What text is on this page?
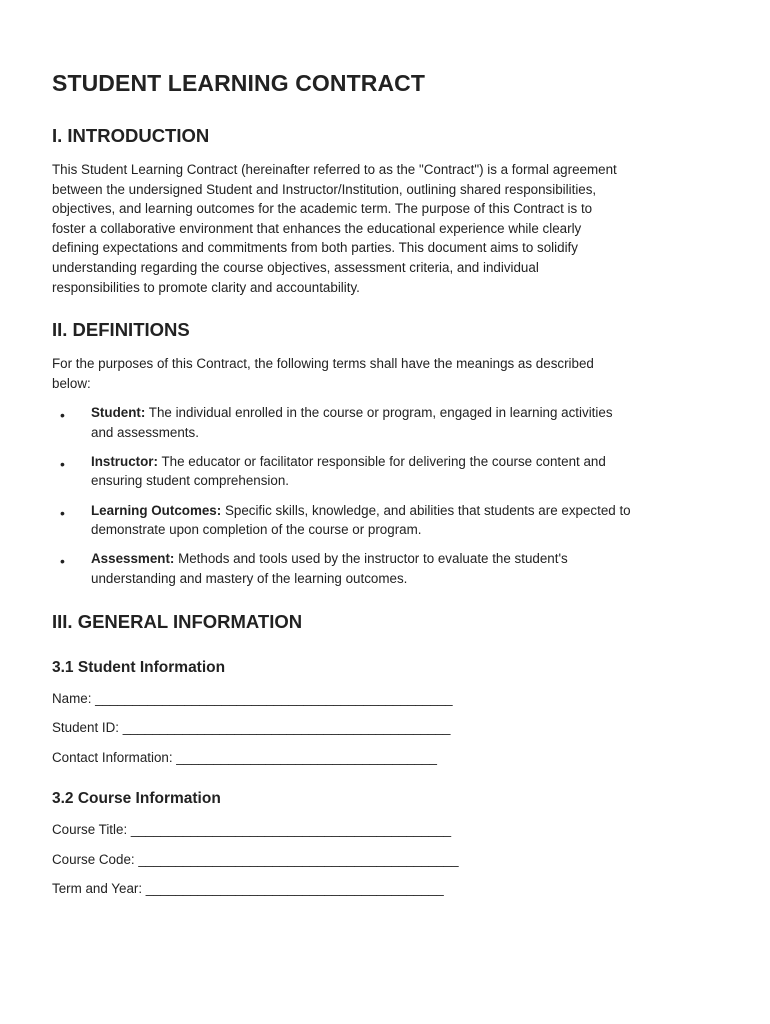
STUDENT LEARNING CONTRACT
I. INTRODUCTION

This Student Learning Contract (hereinafter referred to as the "Contract") is a formal agreement
between the undersigned Student and Instructor/Institution, outlining shared responsibilities,
objectives, and learning outcomes for the academic term. The purpose of this Contract is to
foster a collaborative environment that enhances the educational experience while clearly
defining expectations and commitments from both parties. This document aims to solidify
understanding regarding the course objectives, assessment criteria, and individual
responsibilities to promote clarity and accountability.

II. DEFINITIONS

For the purposes of this Contract, the following terms shall have the meanings as described
below:

• Student: The individual enrolled in the course or program, engaged in learning activities
and assessments.
• Instructor: The educator or facilitator responsible for delivering the course content and
ensuring student comprehension.
• Learning Outcomes: Specific skills, knowledge, and abilities that students are expected to
demonstrate upon completion of the course or program.
• Assessment: Methods and tools used by the instructor to evaluate the student's
understanding and mastery of the learning outcomes.
III. GENERAL INFORMATION
3.1 Student Information
Name: ________________________________________________
Student ID: ____________________________________________
Contact Information: ___________________________________
3.2 Course Information
Course Title: ___________________________________________
Course Code: ___________________________________________
Term and Year: ________________________________________
